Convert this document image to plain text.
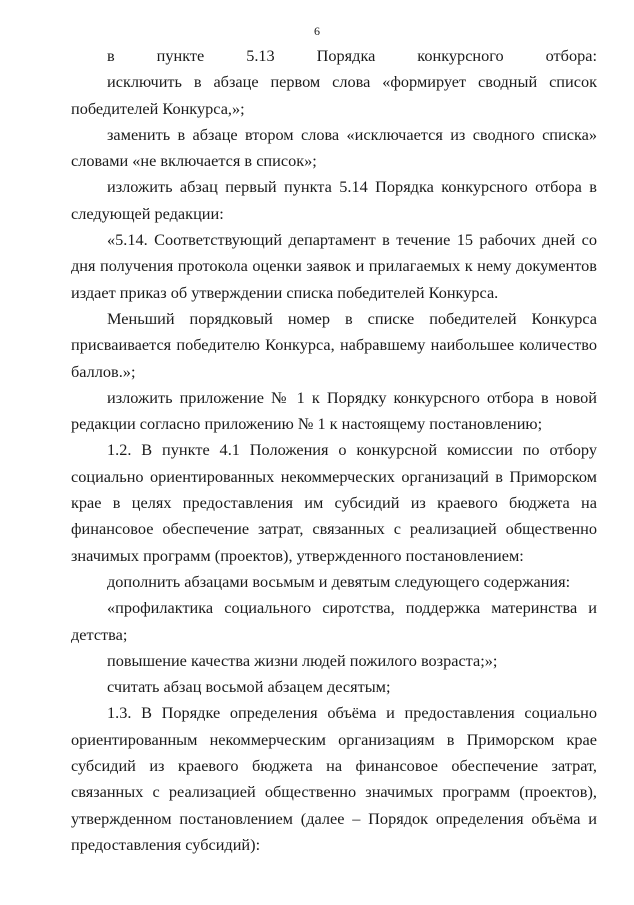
6

в пункте 5.13 Порядка конкурсного отбора:

исключить в абзаце первом слова «формирует сводный список победителей Конкурса,»;

заменить в абзаце втором слова «исключается из сводного списка» словами «не включается в список»;

изложить абзац первый пункта 5.14 Порядка конкурсного отбора в следующей редакции:

«5.14. Соответствующий департамент в течение 15 рабочих дней со дня получения протокола оценки заявок и прилагаемых к нему документов издает приказ об утверждении списка победителей Конкурса.

Меньший порядковый номер в списке победителей Конкурса присваивается победителю Конкурса, набравшему наибольшее количество баллов.»;

изложить приложение № 1 к Порядку конкурсного отбора в новой редакции согласно приложению № 1 к настоящему постановлению;

1.2. В пункте 4.1 Положения о конкурсной комиссии по отбору социально ориентированных некоммерческих организаций в Приморском крае в целях предоставления им субсидий из краевого бюджета на финансовое обеспечение затрат, связанных с реализацией общественно значимых программ (проектов), утвержденного постановлением:

дополнить абзацами восьмым и девятым следующего содержания:

«профилактика социального сиротства, поддержка материнства и детства;

повышение качества жизни людей пожилого возраста;»;

считать абзац восьмой абзацем десятым;

1.3. В Порядке определения объёма и предоставления социально ориентированным некоммерческим организациям в Приморском крае субсидий из краевого бюджета на финансовое обеспечение затрат, связанных с реализацией общественно значимых программ (проектов), утвержденном постановлением (далее – Порядок определения объёма и предоставления субсидий):
